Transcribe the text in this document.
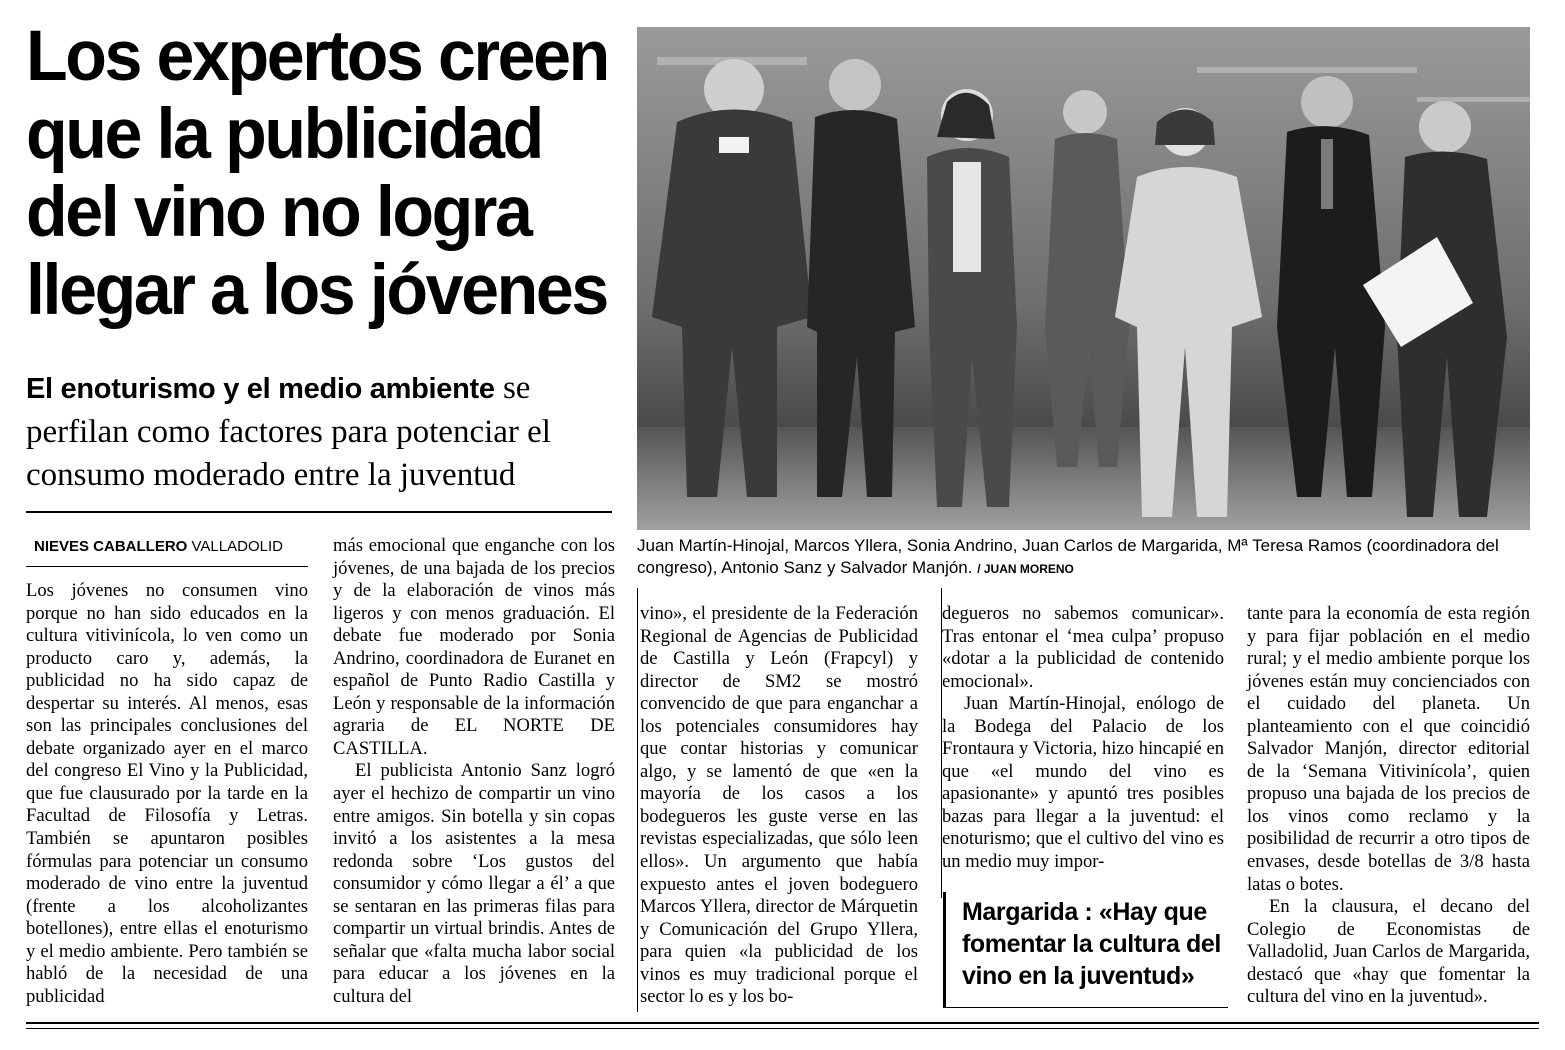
Los expertos creen
que la publicidad
del vino no logra
llegar a los jóvenes
El enoturismo y el medio ambiente se perfilan como factores para potenciar el consumo moderado entre la juventud
NIEVES CABALLERO VALLADOLID	Juan Martín-Hinojal, Marcos Yllera, Sonia Andrino, Juan Carlos de Margarida, Mª Teresa Ramos (coordinadora del congreso), Antonio Sanz y Salvador Manjón. / JUAN MORENO

Los jóvenes no consumen vino porque no han sido educados en la cultura vitivinícola, lo ven como un producto caro y, además, la publicidad no ha sido capaz de despertar su interés. Al menos, esas son las principales conclusiones del debate organizado ayer en el marco del congreso El Vino y la Publicidad, que fue clausurado por la tarde en la Facultad de Filosofía y Letras. También se apuntaron posibles fórmulas para potenciar un consumo moderado de vino entre la juventud (frente a los alcoholizantes botellones), entre ellas el enoturismo y el medio ambiente. Pero también se habló de la necesidad de una publicidad

más emocional que enganche con los jóvenes, de una bajada de los precios y de la elaboración de vinos más ligeros y con menos graduación. El debate fue moderado por Sonia Andrino, coordinadora de Euranet en español de Punto Radio Castilla y León y responsable de la información agraria de EL NORTE DE CASTILLA.

El publicista Antonio Sanz logró ayer el hechizo de compartir un vino entre amigos. Sin botella y sin copas invitó a los asistentes a la mesa redonda sobre ‘Los gustos del consumidor y cómo llegar a él’ a que se sentaran en las primeras filas para compartir un virtual brindis. Antes de señalar que «falta mucha labor social para educar a los jóvenes en la cultura del

vino», el presidente de la Federación Regional de Agencias de Publicidad de Castilla y León (Frapcyl) y director de SM2 se mostró convencido de que para enganchar a los potenciales consumidores hay que contar historias y comunicar algo, y se lamentó de que «en la mayoría de los casos a los bodegueros les guste verse en las revistas especializadas, que sólo leen ellos». Un argumento que había expuesto antes el joven bodeguero Marcos Yllera, director de Márquetin y Comunicación del Grupo Yllera, para quien «la publicidad de los vinos es muy tradicional porque el sector lo es y los bo-

degueros no sabemos comunicar». Tras entonar el ‘mea culpa’ propuso «dotar a la publicidad de contenido emocional».

Juan Martín-Hinojal, enólogo de la Bodega del Palacio de los Frontaura y Victoria, hizo hincapié en que «el mundo del vino es apasionante» y apuntó tres posibles bazas para llegar a la juventud: el enoturismo; que el cultivo del vino es un medio muy impor-

tante para la economía de esta región y para fijar población en el medio rural; y el medio ambiente porque los jóvenes están muy concienciados con el cuidado del planeta. Un planteamiento con el que coincidió Salvador Manjón, director editorial de la ‘Semana Vitivinícola’, quien propuso una bajada de los precios de los vinos como reclamo y la posibilidad de recurrir a otro tipos de envases, desde botellas de 3/8 hasta latas o botes.

En la clausura, el decano del Colegio de Economistas de Valladolid, Juan Carlos de Margarida, destacó que «hay que fomentar la cultura del vino en la juventud».

Margarida : «Hay que fomentar la cultura del vino en la juventud»
